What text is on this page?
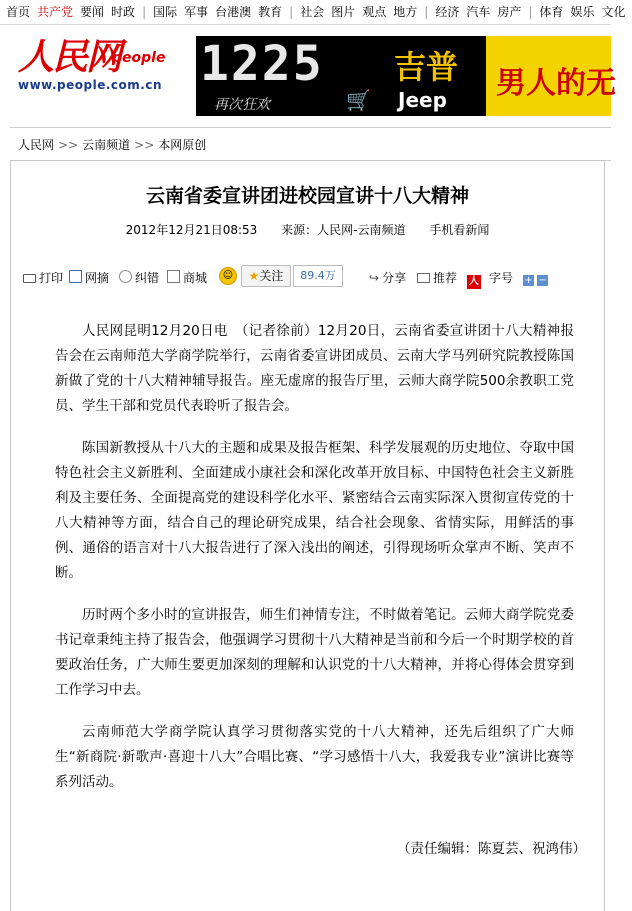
首页 共产党 要闻 时政 | 国际 军事 台港澳 教育 | 社会 图片 观点 地方 | 经济 汽车 房产 | 体育 娱乐 文化
人民网
people
www.people.com.cn 1225
再次狂欢	🛒
吉普
Jeep 男人的无
人民网 >> 云南频道 >> 本网原创
云南省委宣讲团进校园宣讲十八大精神
2012年12月21日08:53 来源：人民网-云南频道 手机看新闻
打印	网摘	纠错	商城	☺	★关注	89.4万	↪ 分享	推荐 人 字号 + −

人民网昆明12月20日电　（记者徐前）12月20日，云南省委宣讲团十八大精神报告会在云南师范大学商学院举行，云南省委宣讲团成员、云南大学马列研究院教授陈国新做了党的十八大精神辅导报告。座无虚席的报告厅里，云师大商学院500余教职工党员、学生干部和党员代表聆听了报告会。

陈国新教授从十八大的主题和成果及报告框架、科学发展观的历史地位、夺取中国特色社会主义新胜利、全面建成小康社会和深化改革开放目标、中国特色社会主义新胜利及主要任务、全面提高党的建设科学化水平、紧密结合云南实际深入贯彻宣传党的十八大精神等方面，结合自己的理论研究成果，结合社会现象、省情实际，用鲜活的事例、通俗的语言对十八大报告进行了深入浅出的阐述，引得现场听众掌声不断、笑声不断。

历时两个多小时的宣讲报告，师生们神情专注，不时做着笔记。云师大商学院党委书记章秉纯主持了报告会，他强调学习贯彻十八大精神是当前和今后一个时期学校的首要政治任务，广大师生要更加深刻的理解和认识党的十八大精神，并将心得体会贯穿到工作学习中去。

云南师范大学商学院认真学习贯彻落实党的十八大精神，还先后组织了广大师生“新商院·新歌声·喜迎十八大”合唱比赛、“学习感悟十八大，我爱我专业”演讲比赛等系列活动。

（责任编辑：陈夏芸、祝鸿伟）
